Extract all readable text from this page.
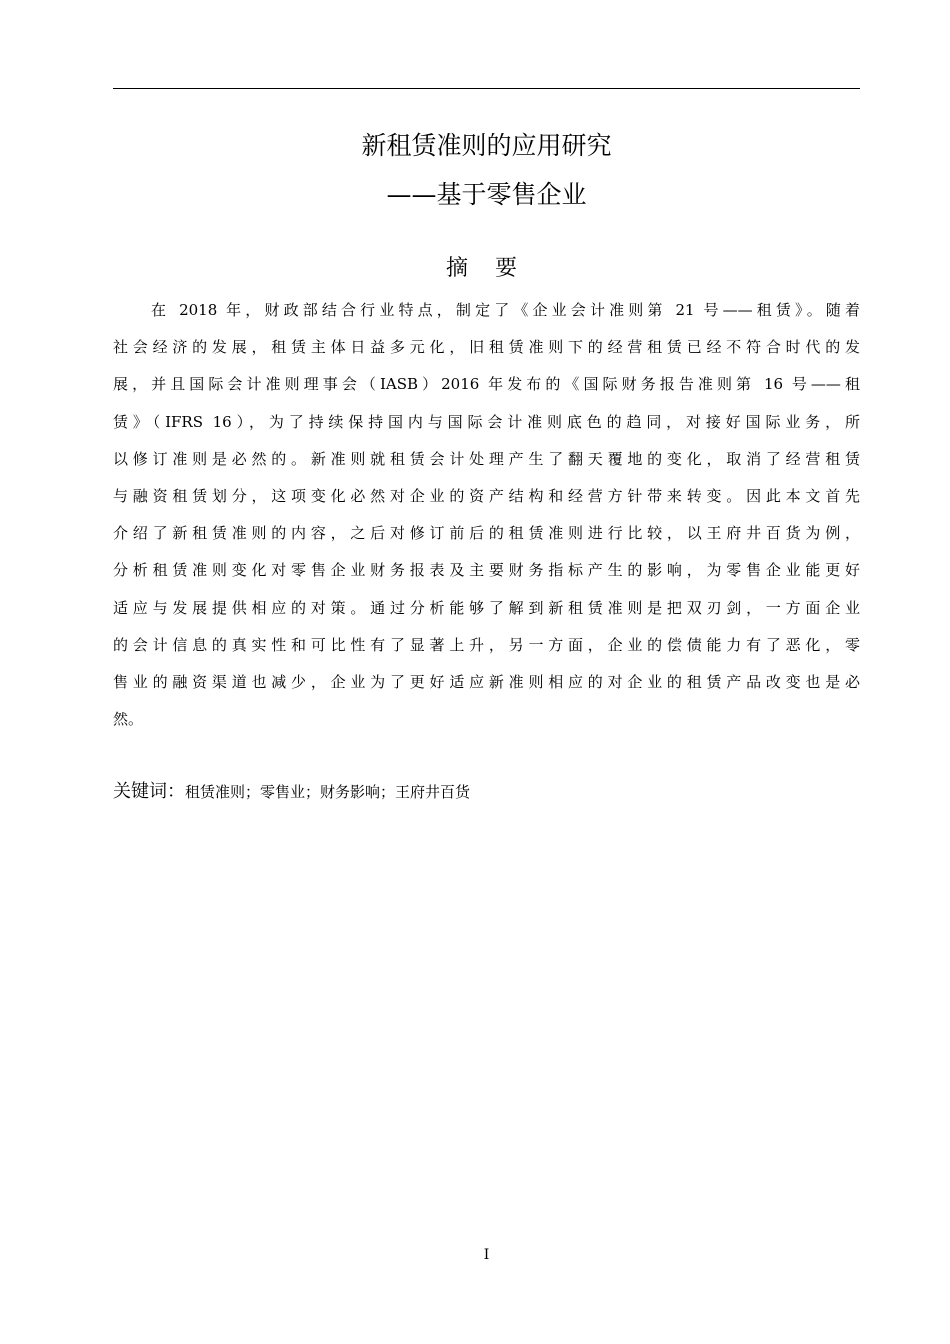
新租赁准则的应用研究
——基于零售企业
摘 要
在 2018 年，财政部结合行业特点，制定了《企业会计准则第 21 号——租赁》。随着
社会经济的发展，租赁主体日益多元化，旧租赁准则下的经营租赁已经不符合时代的发
展，并且国际会计准则理事会（IASB）2016 年发布的《国际财务报告准则第 16 号——租
赁》（IFRS 16），为了持续保持国内与国际会计准则底色的趋同，对接好国际业务，所
以修订准则是必然的。新准则就租赁会计处理产生了翻天覆地的变化，取消了经营租赁
与融资租赁划分，这项变化必然对企业的资产结构和经营方针带来转变。因此本文首先
介绍了新租赁准则的内容，之后对修订前后的租赁准则进行比较，以王府井百货为例，
分析租赁准则变化对零售企业财务报表及主要财务指标产生的影响，为零售企业能更好
适应与发展提供相应的对策。通过分析能够了解到新租赁准则是把双刃剑，一方面企业
的会计信息的真实性和可比性有了显著上升，另一方面，企业的偿债能力有了恶化，零
售业的融资渠道也减少，企业为了更好适应新准则相应的对企业的租赁产品改变也是必
然。
关键词：租赁准则；零售业；财务影响；王府井百货
I
